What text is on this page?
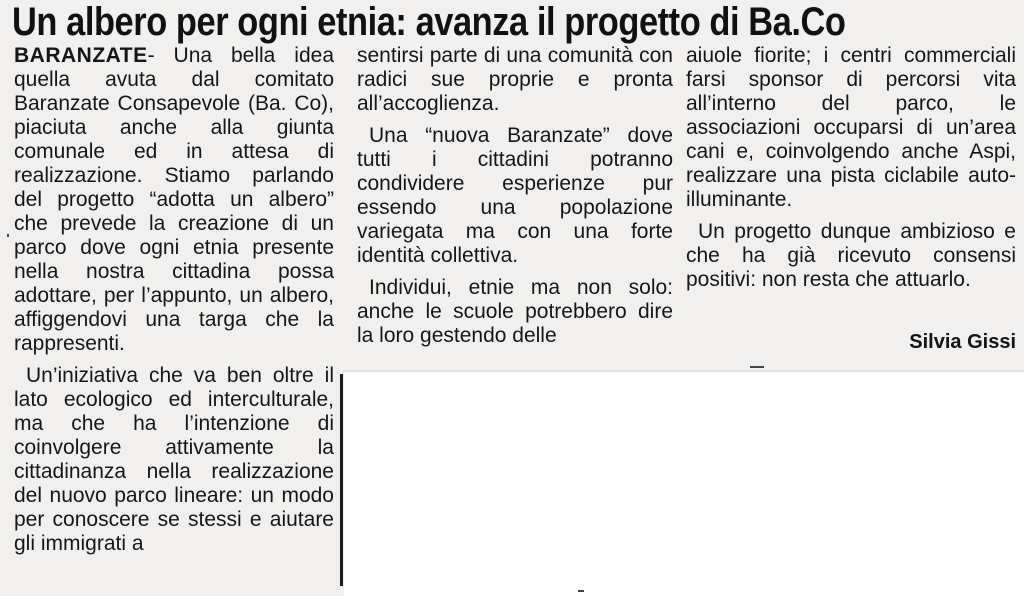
Un albero per ogni etnia: avanza il progetto di Ba.Co

BARANZATE- Una bella idea quella avuta dal comitato Baranzate Consapevole (Ba. Co), piaciuta anche alla giunta comunale ed in attesa di realizzazione. Stiamo parlando del progetto “adotta un albero” che prevede la creazione di un parco dove ogni etnia presente nella nostra cittadina possa adottare, per l’appunto, un albero, affiggendovi una targa che la rappresenti.

Un’iniziativa che va ben oltre il lato ecologico ed interculturale, ma che ha l’intenzione di coinvolgere attivamente la cittadinanza nella realizzazione del nuovo parco lineare: un modo per conoscere se stessi e aiutare gli immigrati a

sentirsi parte di una comunità con radici sue proprie e pronta all’accoglienza.

Una “nuova Baranzate” dove tutti i cittadini potranno condividere esperienze pur essendo una popolazione variegata ma con una forte identità collettiva.

Individui, etnie ma non solo: anche le scuole potrebbero dire la loro gestendo delle

aiuole fiorite; i centri commerciali farsi sponsor di percorsi vita all’interno del parco, le associazioni occuparsi di un’area cani e, coinvolgendo anche Aspi, realizzare una pista ciclabile auto- illuminante.

Un progetto dunque ambizioso e che ha già ricevuto consensi positivi: non resta che attuarlo.

Silvia Gissi
